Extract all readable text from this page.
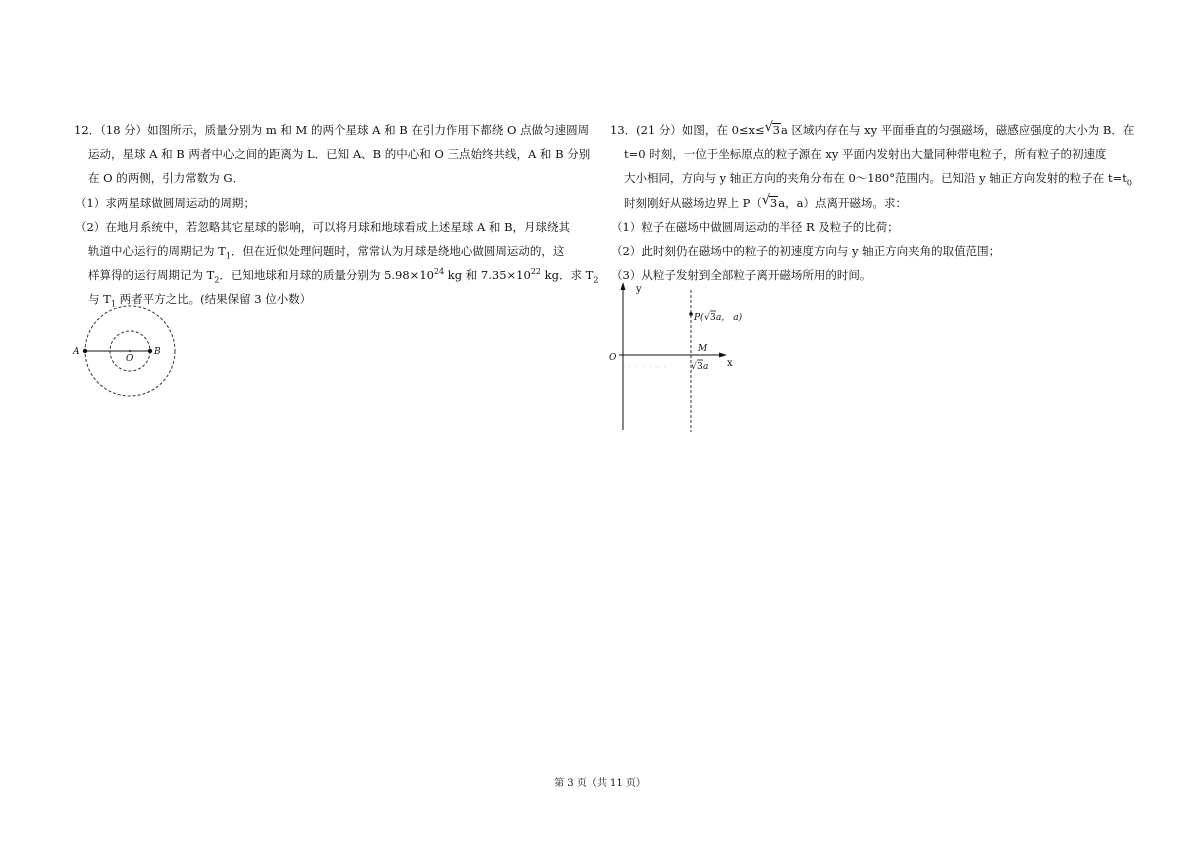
12．（18 分）如图所示，质量分别为 m 和 M 的两个星球 A 和 B 在引力作用下都绕 O 点做匀速圆周
运动，星球 A 和 B 两者中心之间的距离为 L．已知 A、B 的中心和 O 三点始终共线，A 和 B 分别
在 O 的两侧，引力常数为 G．
（1）求两星球做圆周运动的周期；
（2）在地月系统中，若忽略其它星球的影响，可以将月球和地球看成上述星球 A 和 B，月球绕其
轨道中心运行的周期记为 $T_1$．但在近似处理问题时，常常认为月球是绕地心做圆周运动的，这
样算得的运行周期记为 $T_2$．已知地球和月球的质量分别为 $5.98\times 10^{24}$ kg 和 $7.35\times 10^{22}$ kg．求 $T_2$
与 $T_1$ 两者平方之比。(结果保留 3 位小数）
A
O
B
13．(21 分）如图，在 0≤x≤ √ 3a 区域内存在与 xy 平面垂直的匀强磁场，磁感应强度的大小为 B．在
t=0 时刻，一位于坐标原点的粒子源在 xy 平面内发射出大量同种带电粒子，所有粒子的初速度
大小相同，方向与 y 轴正方向的夹角分布在 0～180°范围内。已知沿 y 轴正方向发射的粒子在 $t=t_0$
时刻刚好从磁场边界上 P（ √ 3a，a）点离开磁场。求：
（1）粒子在磁场中做圆周运动的半径 R 及粒子的比荷；
（2）此时刻仍在磁场中的粒子的初速度方向与 y 轴正方向夹角的取值范围；
（3）从粒子发射到全部粒子离开磁场所用的时间。
y
x
O
M
P( √ 3 a， a)
√ 3 a
第 3 页（共 11 页）
